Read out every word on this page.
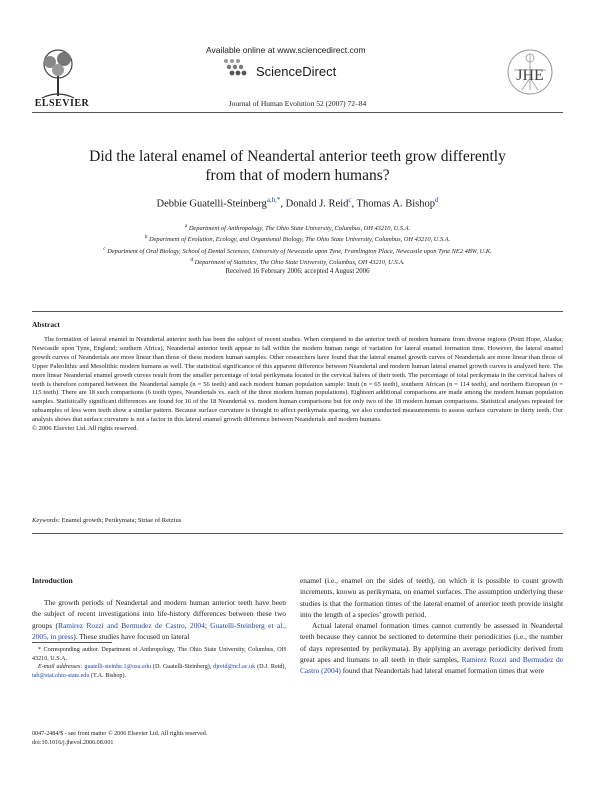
ELSEVIER
Available online at www.sciencedirect.com
ScienceDirect
Journal of Human Evolution 52 (2007) 72–84
JHE
Did the lateral enamel of Neandertal anterior teeth grow differently
from that of modern humans?
Debbie Guatelli-Steinberg$^{a,b,*}$, Donald J. Reid$^c$, Thomas A. Bishop$^d$
$^a$ Department of Anthropology, The Ohio State University, Columbus, OH 43210, U.S.A.
$^b$ Department of Evolution, Ecology, and Organismal Biology, The Ohio State University, Columbus, OH 43210, U.S.A.
$^c$ Department of Oral Biology, School of Dental Sciences, University of Newcastle upon Tyne, Framlington Place, Newcastle upon Tyne NE2 4BW, U.K.
$^d$ Department of Statistics, The Ohio State University, Columbus, OH 43210, U.S.A.
Received 16 February 2006; accepted 4 August 2006
Abstract
The formation of lateral enamel in Neandertal anterior teeth has been the subject of recent studies. When compared to the anterior teeth of modern humans from diverse regions (Point Hope, Alaska; Newcastle upon Tyne, England; southern Africa), Neandertal anterior teeth appear to fall within the modern human range of variation for lateral enamel formation time. However, the lateral enamel growth curves of Neandertals are more linear than those of these modern human samples. Other researchers have found that the lateral enamel growth curves of Neandertals are more linear than those of Upper Paleolithic and Mesolithic modern humans as well. The statistical significance of this apparent difference between Neandertal and modern human lateral enamel growth curves is analyzed here. The more linear Neandertal enamel growth curves result from the smaller percentage of total perikymata located in the cervical halves of their teeth. The percentage of total perikymata in the cervical halves of teeth is therefore compared between the Neandertal sample (n = 56 teeth) and each modern human population sample: Inuit (n = 65 teeth), southern African (n = 114 teeth), and northern European (n = 115 teeth). There are 18 such comparisons (6 tooth types, Neandertals vs. each of the three modern human populations). Eighteen additional comparisons are made among the modern human population samples. Statistically significant differences are found for 16 of the 18 Neandertal vs. modern human comparisons but for only two of the 18 modern human comparisons. Statistical analyses repeated for subsamples of less worn teeth show a similar pattern. Because surface curvature is thought to affect perikymata spacing, we also conducted measurements to assess surface curvature in thirty teeth. Our analysis shows that surface curvature is not a factor in this lateral enamel growth difference between Neandertals and modern humans.
© 2006 Elsevier Ltd. All rights reserved.
Keywords: Enamel growth; Perikymata; Striae of Retzius
Introduction
The growth periods of Neandertal and modern human anterior teeth have been the subject of recent investigations into life-history differences between these two groups (Ramirez Rozzi and Bermudez de Castro, 2004; Guatelli-Steinberg et al., 2005, in press). These studies have focused on lateral
* Corresponding author. Department of Anthropology, The Ohio State University, Columbus, OH 43210, U.S.A.
E-mail addresses: guatelli-steinbe.1@osu.edu (D. Guatelli-Steinberg), djreid@ncl.ac.uk (D.J. Reid), tab@stat.ohio-state.edu (T.A. Bishop).
0047-2484/$ - see front matter © 2006 Elsevier Ltd. All rights reserved.
doi:10.1016/j.jhevol.2006.08.001
enamel (i.e., enamel on the sides of teeth), on which it is possible to count growth increments, known as perikymata, on enamel surfaces. The assumption underlying these studies is that the formation times of the lateral enamel of anterior teeth provide insight into the length of a species’ growth period.
Actual lateral enamel formation times cannot currently be assessed in Neandertal teeth because they cannot be sectioned to determine their periodicities (i.e., the number of days represented by perikymata). By applying an average periodicity derived from great apes and humans to all teeth in their samples, Ramirez Rozzi and Bermudez de Castro (2004) found that Neandertals had lateral enamel formation times that were
